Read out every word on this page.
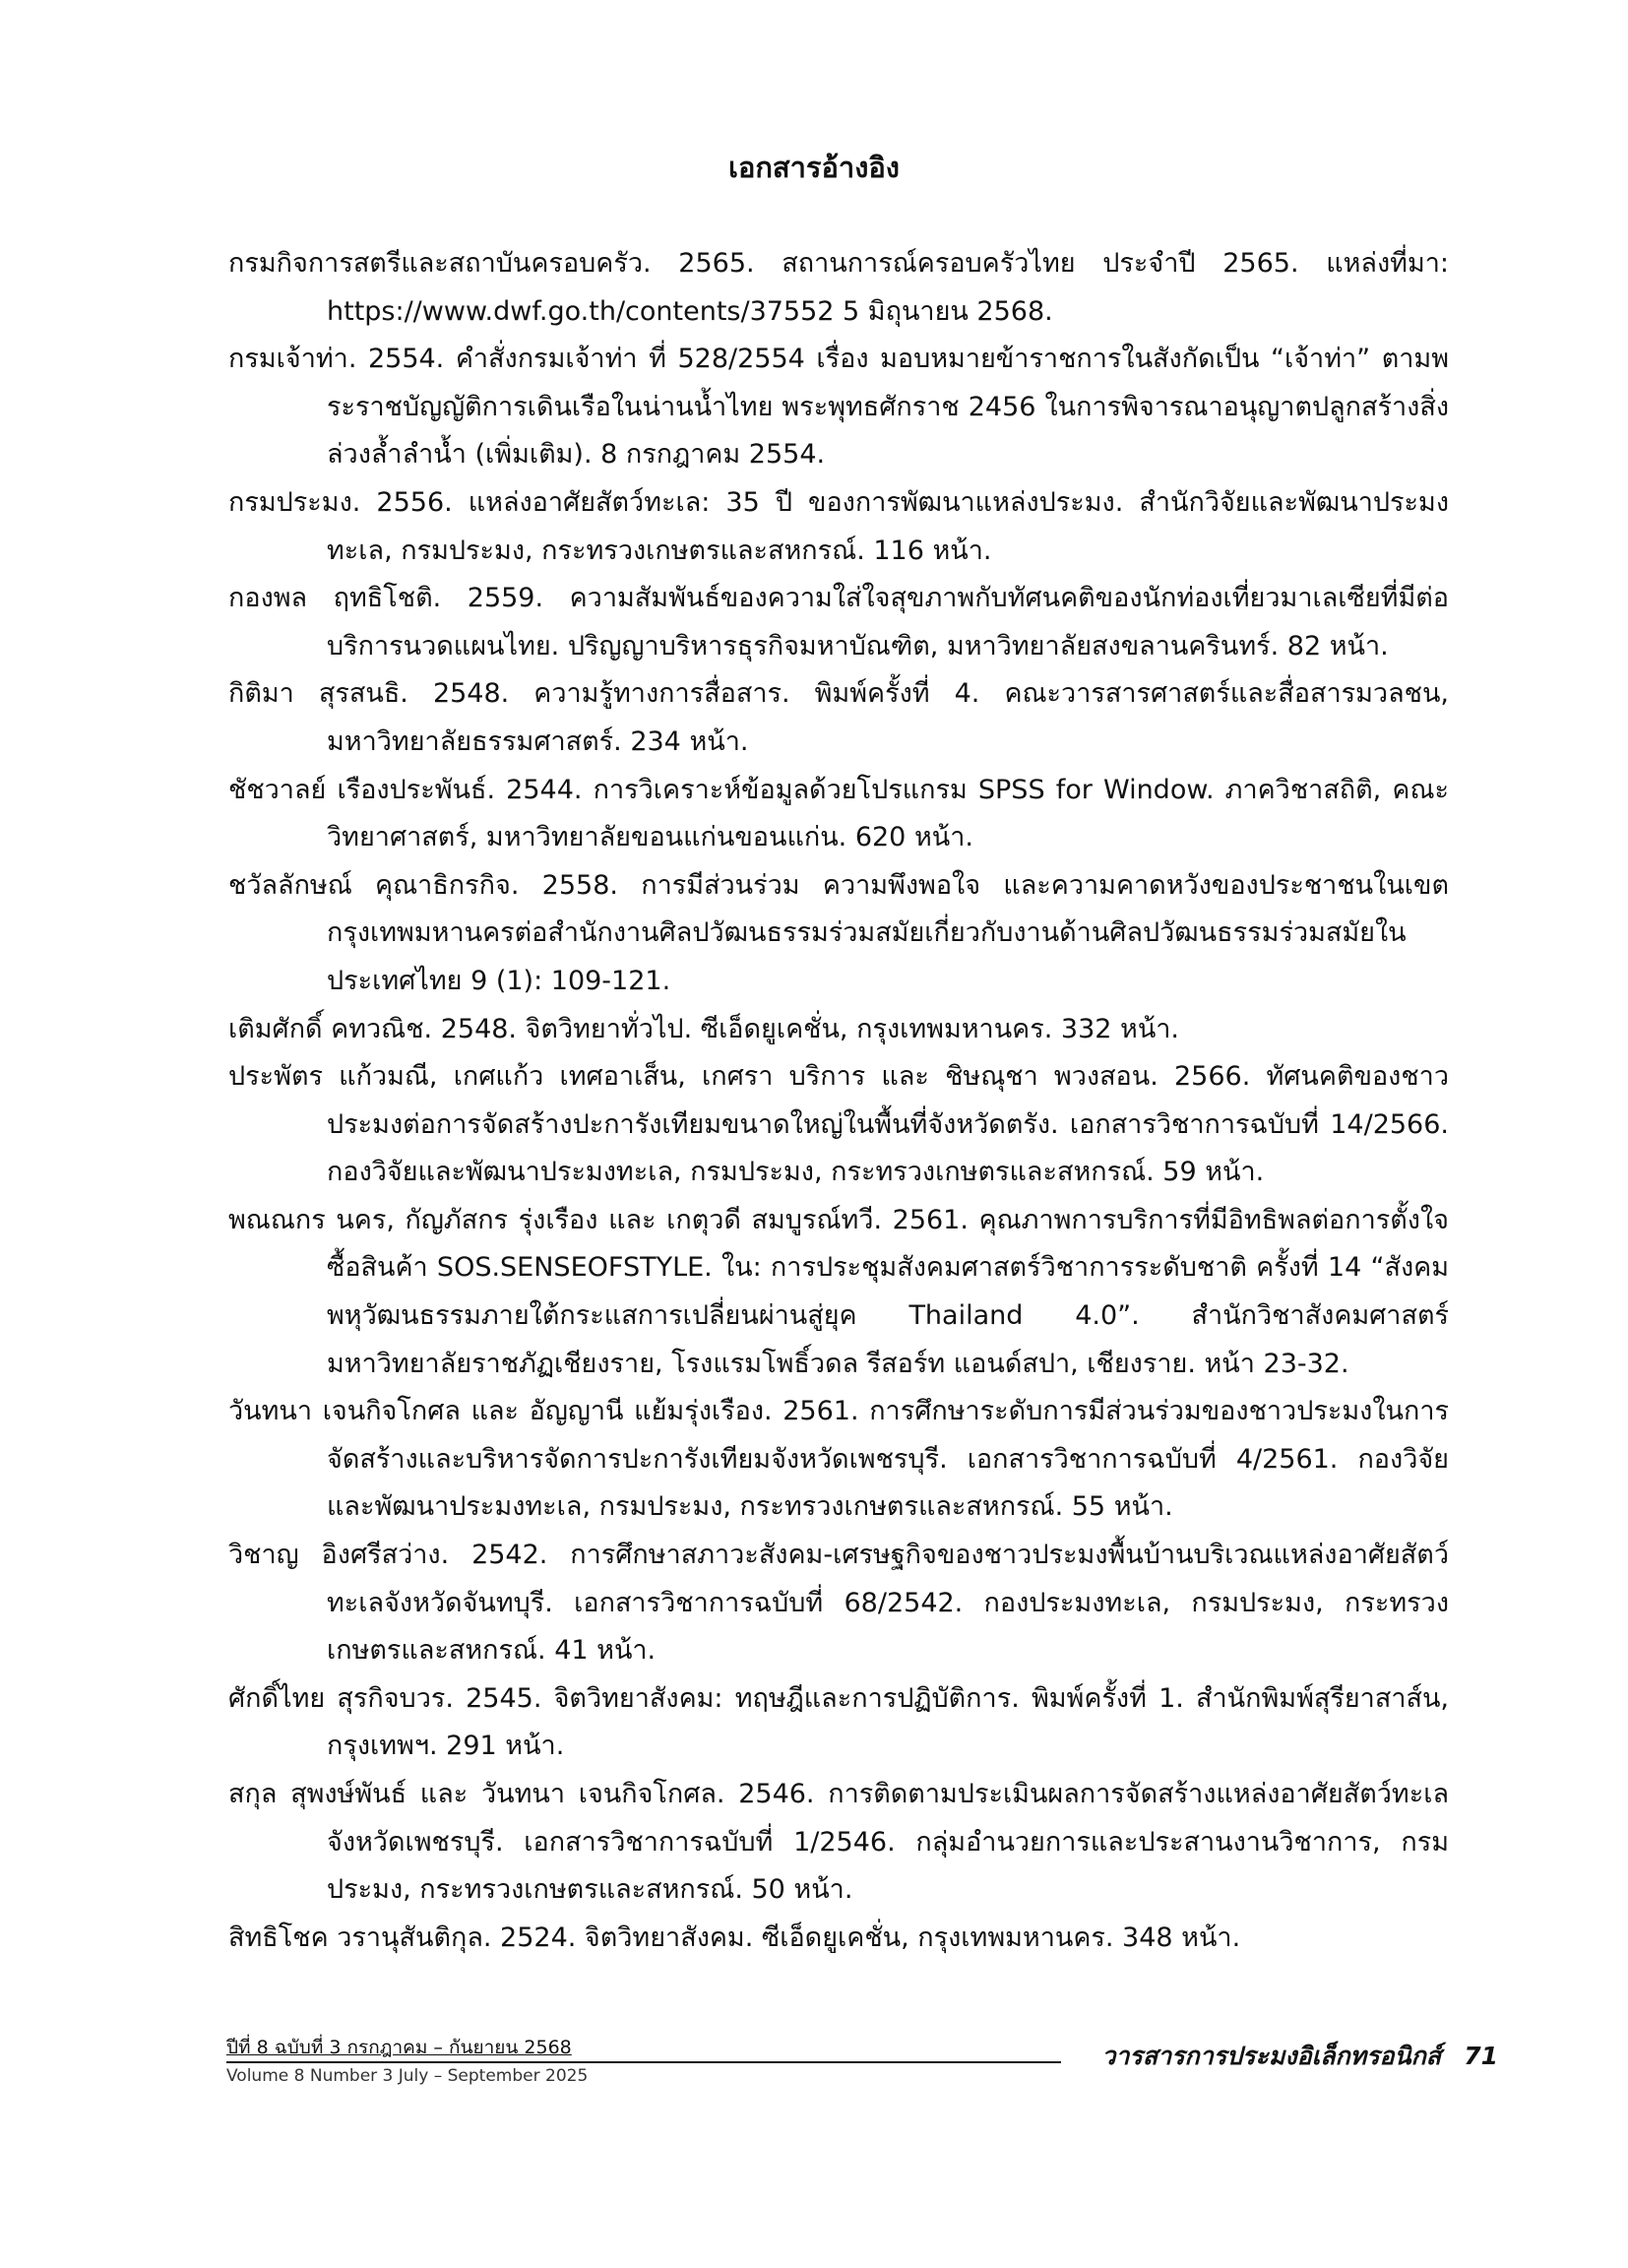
เอกสารอ้างอิง

กรมกิจการสตรีและสถาบันครอบครัว. 2565. สถานการณ์ครอบครัวไทย ประจำปี 2565. แหล่งที่มา: https://www.dwf.go.th/contents/37552 5 มิถุนายน 2568.

กรมเจ้าท่า. 2554. คำสั่งกรมเจ้าท่า ที่ 528/2554 เรื่อง มอบหมายข้าราชการในสังกัดเป็น “เจ้าท่า” ตามพระราชบัญญัติการเดินเรือในน่านน้ำไทย พระพุทธศักราช 2456 ในการพิจารณาอนุญาตปลูกสร้างสิ่งล่วงล้ำลำน้ำ (เพิ่มเติม). 8 กรกฎาคม 2554.

กรมประมง. 2556. แหล่งอาศัยสัตว์ทะเล: 35 ปี ของการพัฒนาแหล่งประมง. สำนักวิจัยและพัฒนาประมงทะเล, กรมประมง, กระทรวงเกษตรและสหกรณ์. 116 หน้า.

กองพล ฤทธิโชติ. 2559. ความสัมพันธ์ของความใส่ใจสุขภาพกับทัศนคติของนักท่องเที่ยวมาเลเซียที่มีต่อบริการนวดแผนไทย. ปริญญาบริหารธุรกิจมหาบัณฑิต, มหาวิทยาลัยสงขลานครินทร์. 82 หน้า.

กิติมา สุรสนธิ. 2548. ความรู้ทางการสื่อสาร. พิมพ์ครั้งที่ 4. คณะวารสารศาสตร์และสื่อสารมวลชน, มหาวิทยาลัยธรรมศาสตร์. 234 หน้า.

ชัชวาลย์ เรืองประพันธ์. 2544. การวิเคราะห์ข้อมูลด้วยโปรแกรม SPSS for Window. ภาควิชาสถิติ, คณะวิทยาศาสตร์, มหาวิทยาลัยขอนแก่นขอนแก่น. 620 หน้า.

ชวัลลักษณ์ คุณาธิกรกิจ. 2558. การมีส่วนร่วม ความพึงพอใจ และความคาดหวังของประชาชนในเขตกรุงเทพมหานครต่อสำนักงานศิลปวัฒนธรรมร่วมสมัยเกี่ยวกับงานด้านศิลปวัฒนธรรมร่วมสมัยในประเทศไทย 9 (1): 109-121.

เติมศักดิ์ คทวณิช. 2548. จิตวิทยาทั่วไป. ซีเอ็ดยูเคชั่น, กรุงเทพมหานคร. 332 หน้า.

ประพัตร แก้วมณี, เกศแก้ว เทศอาเส็น, เกศรา บริการ และ ชิษณุชา พวงสอน. 2566. ทัศนคติของชาวประมงต่อการจัดสร้างปะการังเทียมขนาดใหญ่ในพื้นที่จังหวัดตรัง. เอกสารวิชาการฉบับที่ 14/2566. กองวิจัยและพัฒนาประมงทะเล, กรมประมง, กระทรวงเกษตรและสหกรณ์. 59 หน้า.

พณณกร นคร, กัญภัสกร รุ่งเรือง และ เกตุวดี สมบูรณ์ทวี. 2561. คุณภาพการบริการที่มีอิทธิพลต่อการตั้งใจซื้อสินค้า SOS.SENSEOFSTYLE. ใน: การประชุมสังคมศาสตร์วิชาการระดับชาติ ครั้งที่ 14 “สังคมพหุวัฒนธรรมภายใต้กระแสการเปลี่ยนผ่านสู่ยุค Thailand 4.0”. สำนักวิชาสังคมศาสตร์ มหาวิทยาลัยราชภัฏเชียงราย, โรงแรมโพธิ์วดล รีสอร์ท แอนด์สปา, เชียงราย. หน้า 23-32.

วันทนา เจนกิจโกศล และ อัญญานี แย้มรุ่งเรือง. 2561. การศึกษาระดับการมีส่วนร่วมของชาวประมงในการจัดสร้างและบริหารจัดการปะการังเทียมจังหวัดเพชรบุรี. เอกสารวิชาการฉบับที่ 4/2561. กองวิจัยและพัฒนาประมงทะเล, กรมประมง, กระทรวงเกษตรและสหกรณ์. 55 หน้า.

วิชาญ อิงศรีสว่าง. 2542. การศึกษาสภาวะสังคม-เศรษฐกิจของชาวประมงพื้นบ้านบริเวณแหล่งอาศัยสัตว์ทะเลจังหวัดจันทบุรี. เอกสารวิชาการฉบับที่ 68/2542. กองประมงทะเล, กรมประมง, กระทรวงเกษตรและสหกรณ์. 41 หน้า.

ศักดิ์ไทย สุรกิจบวร. 2545. จิตวิทยาสังคม: ทฤษฎีและการปฏิบัติการ. พิมพ์ครั้งที่ 1. สำนักพิมพ์สุรียาสาส์น, กรุงเทพฯ. 291 หน้า.

สกุล สุพงษ์พันธ์ และ วันทนา เจนกิจโกศล. 2546. การติดตามประเมินผลการจัดสร้างแหล่งอาศัยสัตว์ทะเลจังหวัดเพชรบุรี. เอกสารวิชาการฉบับที่ 1/2546. กลุ่มอำนวยการและประสานงานวิชาการ, กรมประมง, กระทรวงเกษตรและสหกรณ์. 50 หน้า.

สิทธิโชค วรานุสันติกุล. 2524. จิตวิทยาสังคม. ซีเอ็ดยูเคชั่น, กรุงเทพมหานคร. 348 หน้า.

ปีที่ 8 ฉบับที่ 3 กรกฎาคม – กันยายน 2568
Volume 8 Number 3 July – September 2025
วารสารการประมงอิเล็กทรอนิกส์ 71
